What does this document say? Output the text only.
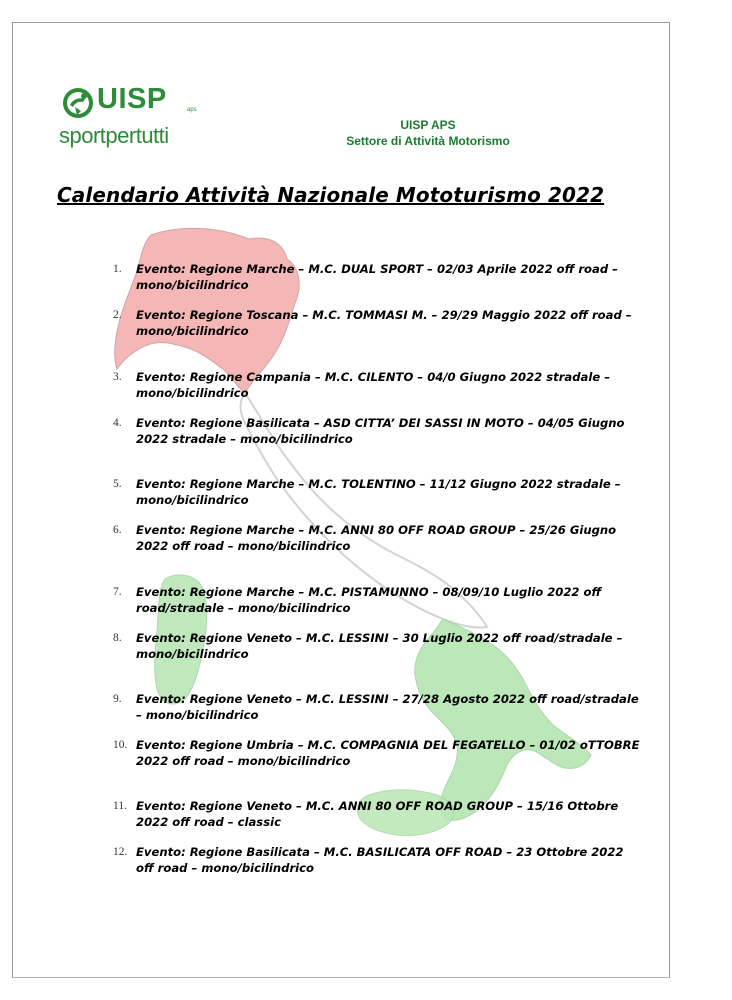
UISP	aps
sportpertutti	UISP APS
Settore di Attività Motorismo
Calendario Attività Nazionale Mototurismo 2022
1. Evento: Regione Marche – M.C. DUAL SPORT – 02/03 Aprile 2022 off road – mono/bicilindrico
2. Evento: Regione Toscana – M.C. TOMMASI M. – 29/29 Maggio 2022 off road – mono/bicilindrico
3. Evento: Regione Campania – M.C. CILENTO – 04/0 Giugno 2022 stradale – mono/bicilindrico
4. Evento: Regione Basilicata – ASD CITTA’ DEI SASSI IN MOTO – 04/05 Giugno 2022 stradale – mono/bicilindrico
5. Evento: Regione Marche – M.C. TOLENTINO – 11/12 Giugno 2022 stradale – mono/bicilindrico
6. Evento: Regione Marche – M.C. ANNI 80 OFF ROAD GROUP – 25/26 Giugno 2022 off road – mono/bicilindrico
7. Evento: Regione Marche – M.C. PISTAMUNNO – 08/09/10 Luglio 2022 off road/stradale – mono/bicilindrico
8. Evento: Regione Veneto – M.C. LESSINI – 30 Luglio 2022 off road/stradale – mono/bicilindrico
9. Evento: Regione Veneto – M.C. LESSINI – 27/28 Agosto 2022 off road/stradale – mono/bicilindrico
10. Evento: Regione Umbria – M.C. COMPAGNIA DEL FEGATELLO – 01/02 oTTOBRE 2022 off road – mono/bicilindrico
11. Evento: Regione Veneto – M.C. ANNI 80 OFF ROAD GROUP – 15/16 Ottobre 2022 off road – classic
12. Evento: Regione Basilicata – M.C. BASILICATA OFF ROAD – 23 Ottobre 2022 off road – mono/bicilindrico
